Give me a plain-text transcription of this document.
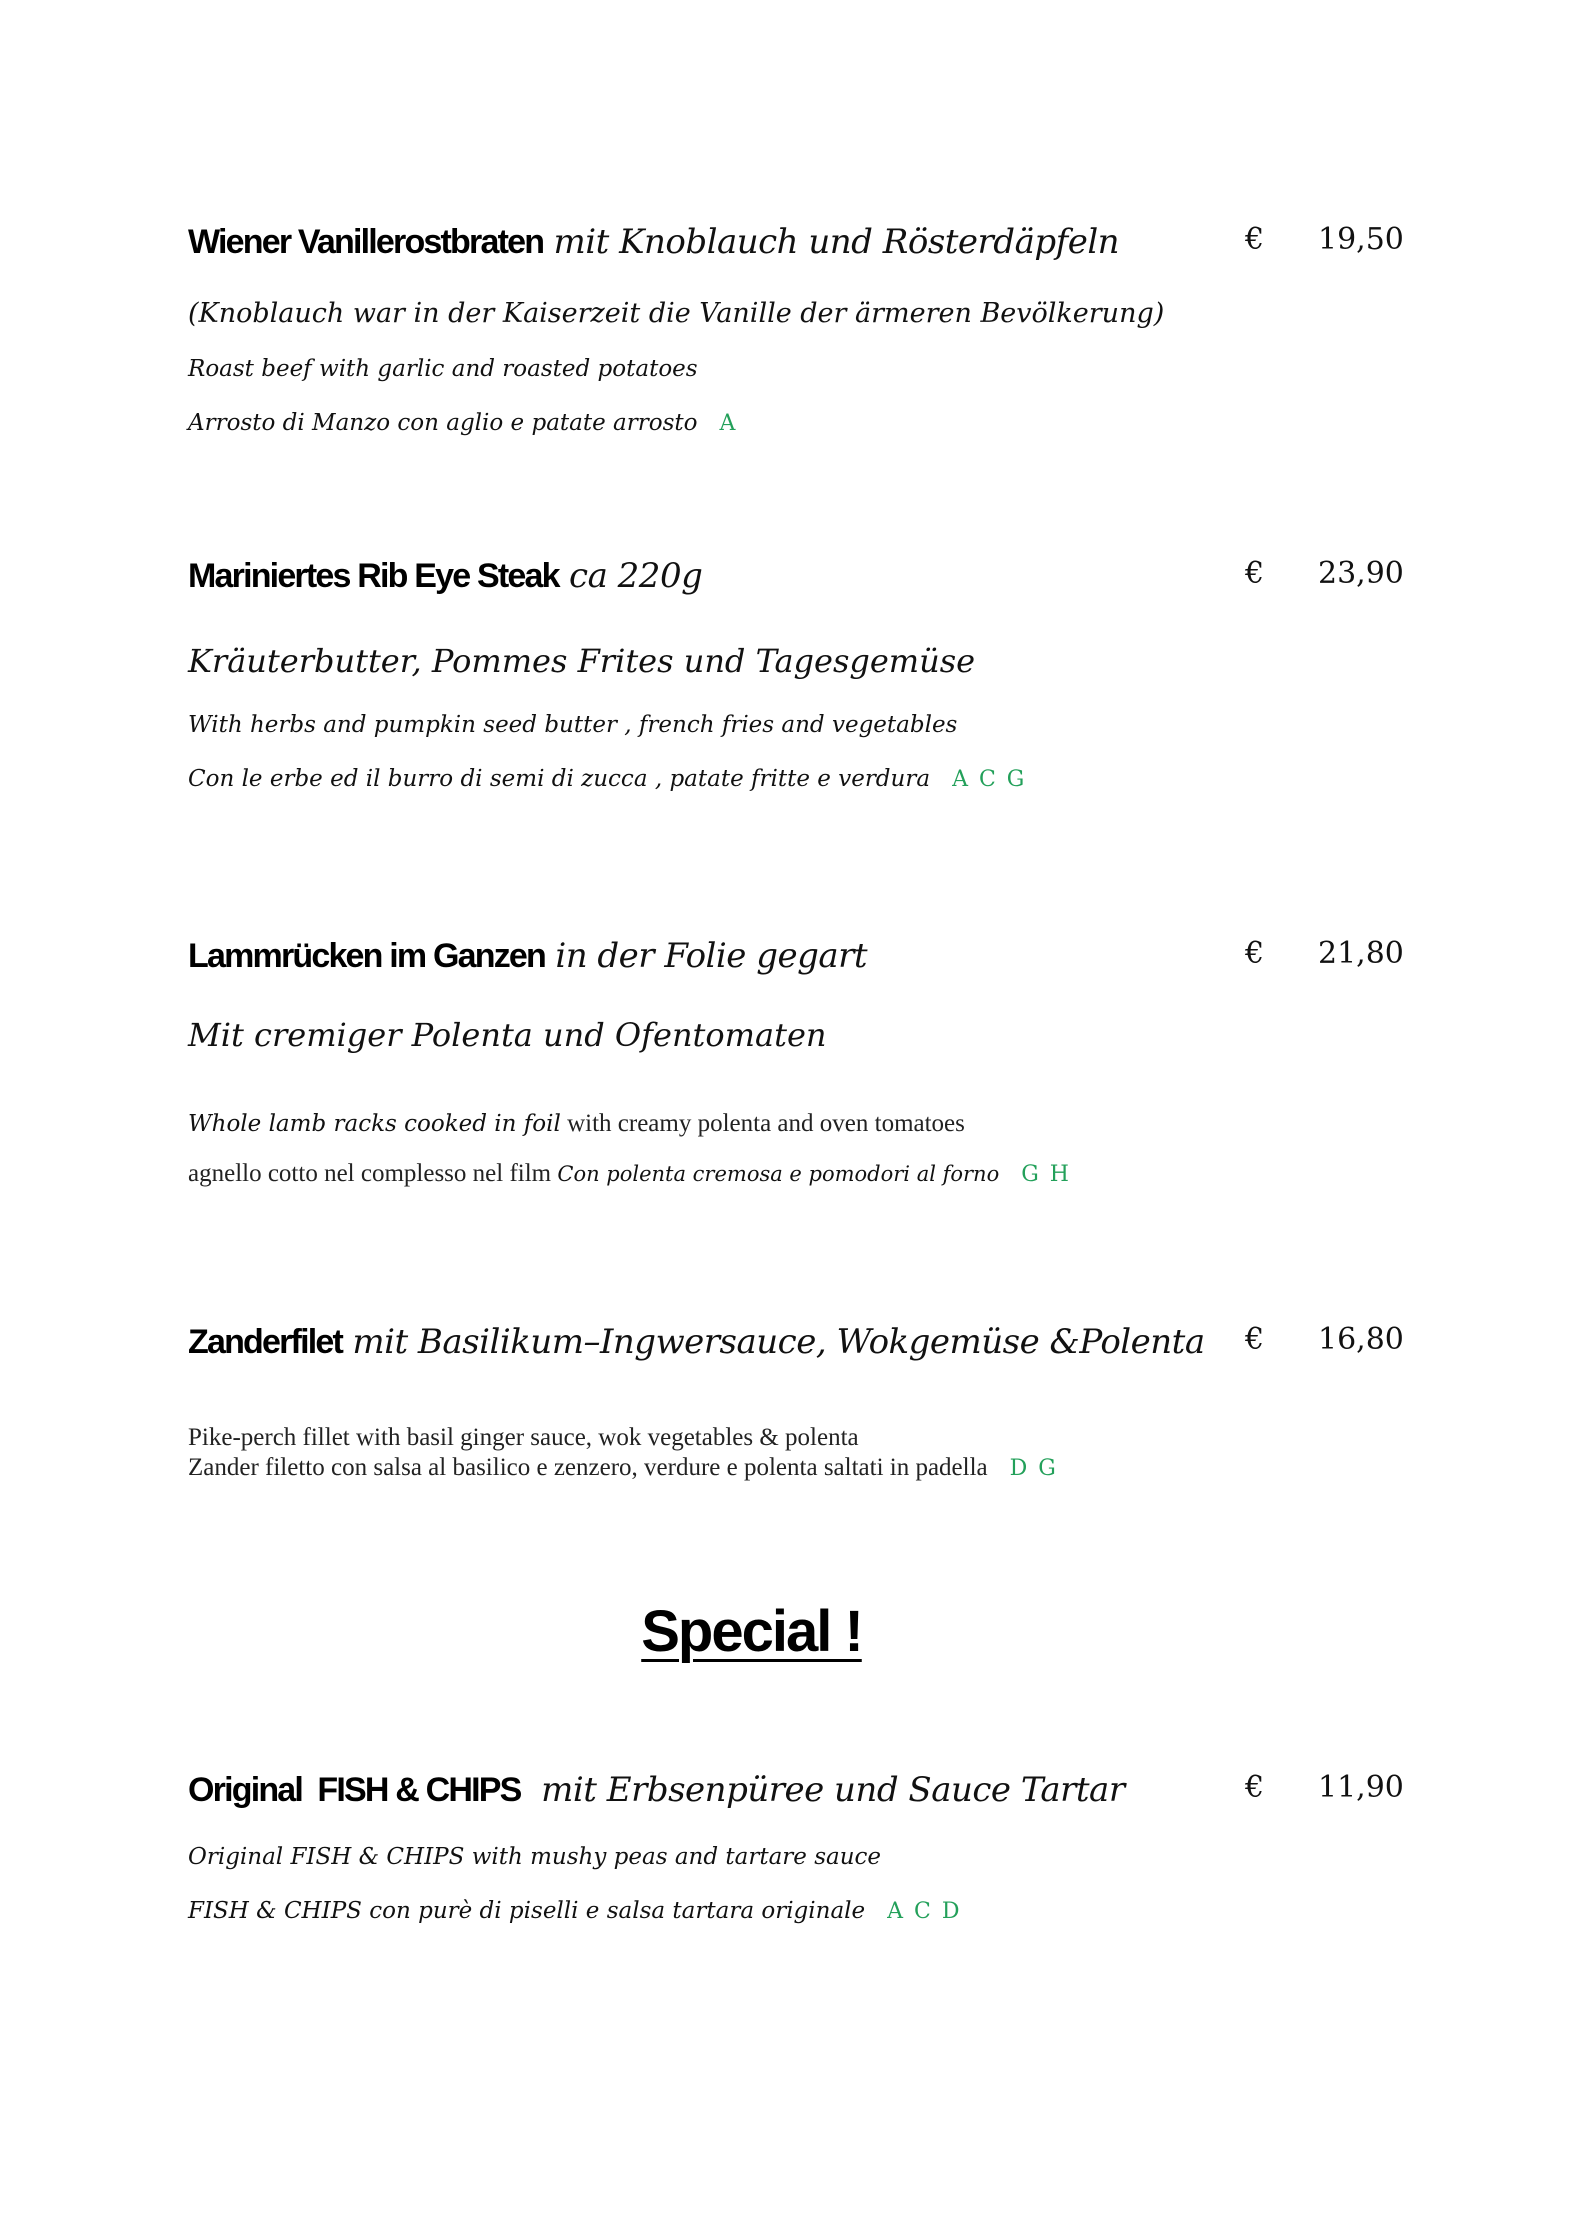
Wiener Vanillerostbraten mit Knoblauch und Rösterdäpfeln	€ 19,50
(Knoblauch war in der Kaiserzeit die Vanille der ärmeren Bevölkerung)
Roast beef with garlic and roasted potatoes
Arrosto di Manzo con aglio e patate arrosto A
Mariniertes Rib Eye Steak ca 220g	€ 23,90
Kräuterbutter, Pommes Frites und Tagesgemüse
With herbs and pumpkin seed butter , french fries and vegetables
Con le erbe ed il burro di semi di zucca , patate fritte e verdura A C G
Lammrücken im Ganzen in der Folie gegart	€ 21,80
Mit cremiger Polenta und Ofentomaten
Whole lamb racks cooked in foil with creamy polenta and oven tomatoes
agnello cotto nel complesso nel film Con polenta cremosa e pomodori al forno G H
Zanderfilet mit Basilikum–Ingwersauce, Wokgemüse &Polenta € 16,80
Pike-perch fillet with basil ginger sauce, wok vegetables & polenta
Zander filetto con salsa al basilico e zenzero, verdure e polenta saltati in padella D G
Special !
Original  FISH & CHIPS  mit Erbsenpüree und Sauce Tartar	€ 11,90
Original FISH & CHIPS with mushy peas and tartare sauce
FISH & CHIPS con purè di piselli e salsa tartara originale A C D
